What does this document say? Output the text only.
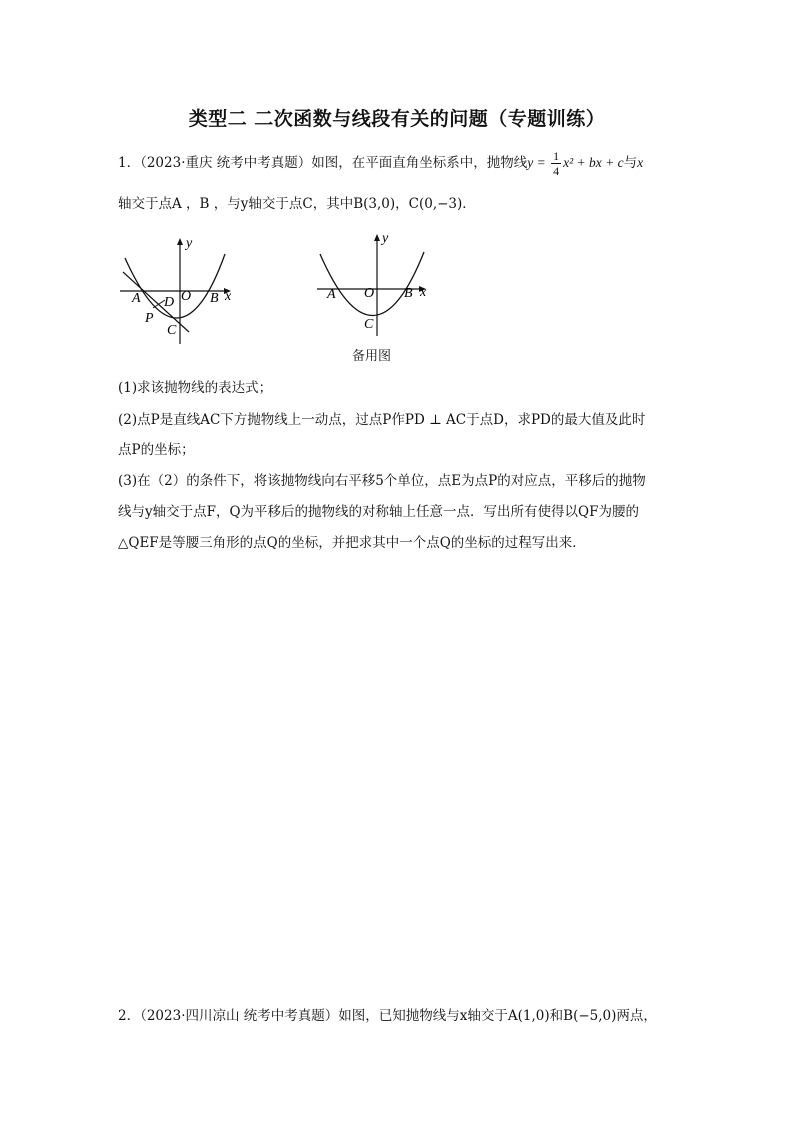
类型二 二次函数与线段有关的问题（专题训练）
1．（2023·重庆 统考中考真题）如图，在平面直角坐标系中，抛物线$y = \frac{1}{4} x^2$ + bx + c与x
轴交于点A ，B ，与y轴交于点C，其中B(3,0)，C(0,−3)．
y
x
A	O
D	B
P
C
y
x
A O B
C
备用图
(1)求该抛物线的表达式；
(2)点P是直线AC下方抛物线上一动点，过点P作PD ⊥ AC于点D，求PD的最大值及此时
点P的坐标；
(3)在（2）的条件下，将该抛物线向右平移5个单位，点E为点P的对应点，平移后的抛物
线与y轴交于点F，Q为平移后的抛物线的对称轴上任意一点．写出所有使得以QF为腰的
△QEF是等腰三角形的点Q的坐标，并把求其中一个点Q的坐标的过程写出来．
2．（2023·四川凉山 统考中考真题）如图，已知抛物线与x轴交于A(1,0)和B(−5,0)两点，
